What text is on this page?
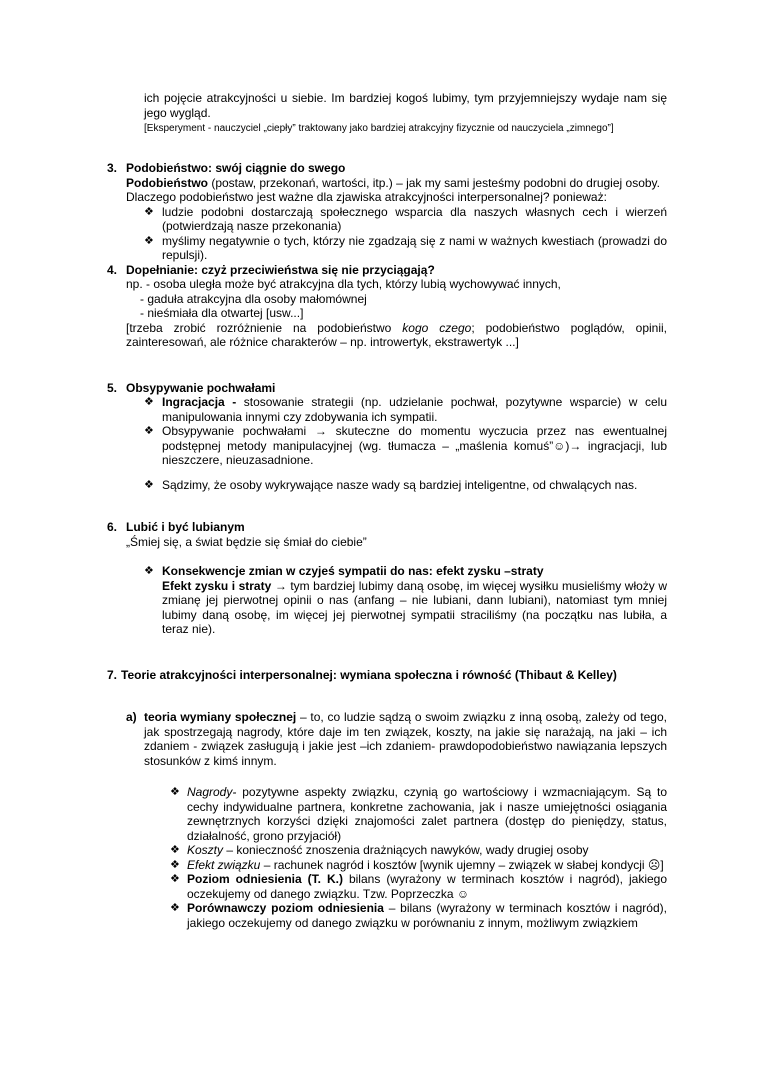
ich pojęcie atrakcyjności u siebie. Im bardziej kogoś lubimy, tym przyjemniejszy wydaje nam się jego wygląd.

[Eksperyment - nauczyciel „ciepły” traktowany jako bardziej atrakcyjny fizycznie od nauczyciela „zimnego”]

3. Podobieństwo: swój ciągnie do swego

Podobieństwo (postaw, przekonań, wartości, itp.) – jak my sami jesteśmy podobni do drugiej osoby.

Dlaczego podobieństwo jest ważne dla zjawiska atrakcyjności interpersonalnej? ponieważ:

❖ ludzie podobni dostarczają społecznego wsparcia dla naszych własnych cech i wierzeń (potwierdzają nasze przekonania)
❖ myślimy negatywnie o tych, którzy nie zgadzają się z nami w ważnych kwestiach (prowadzi do repulsji).
4. Dopełnianie: czyż przeciwieństwa się nie przyciągają?

np. - osoba uległa może być atrakcyjna dla tych, którzy lubią wychowywać innych,

- gaduła atrakcyjna dla osoby małomównej

- nieśmiała dla otwartej [usw...]

[trzeba zrobić rozróżnienie na podobieństwo kogo czego; podobieństwo poglądów, opinii, zainteresowań, ale różnice charakterów – np. introwertyk, ekstrawertyk ...]

5. Obsypywanie pochwałami
❖ Ingracjacja - stosowanie strategii (np. udzielanie pochwał, pozytywne wsparcie) w celu manipulowania innymi czy zdobywania ich sympatii.
❖ Obsypywanie pochwałami → skuteczne do momentu wyczucia przez nas ewentualnej podstępnej metody manipulacyjnej (wg. tłumacza – „maślenia komuś”☺)→ ingracjacji, lub nieszczere, nieuzasadnione.
❖ Sądzimy, że osoby wykrywające nasze wady są bardziej inteligentne, od chwalących nas.
6. Lubić i być lubianym

„Śmiej się, a świat będzie się śmiał do ciebie”

❖ Konsekwencje zmian w czyjeś sympatii do nas: efekt zysku –straty

Efekt zysku i straty → tym bardziej lubimy daną osobę, im więcej wysiłku musieliśmy włoży w zmianę jej pierwotnej opinii o nas (anfang – nie lubiani, dann lubiani), natomiast tym mniej lubimy daną osobę, im więcej jej pierwotnej sympatii straciliśmy (na początku nas lubiła, a teraz nie).

7. Teorie atrakcyjności interpersonalnej: wymiana społeczna i równość (Thibaut & Kelley)
a) teoria wymiany społecznej – to, co ludzie sądzą o swoim związku z inną osobą, zależy od tego, jak spostrzegają nagrody, które daje im ten związek, koszty, na jakie się narażają, na jaki – ich zdaniem - związek zasługują i jakie jest –ich zdaniem- prawdopodobieństwo nawiązania lepszych stosunków z kimś innym.
❖ Nagrody- pozytywne aspekty związku, czynią go wartościowy i wzmacniającym. Są to cechy indywidualne partnera, konkretne zachowania, jak i nasze umiejętności osiągania zewnętrznych korzyści dzięki znajomości zalet partnera (dostęp do pieniędzy, status, działalność, grono przyjaciół)
❖ Koszty – konieczność znoszenia drażniących nawyków, wady drugiej osoby
❖ Efekt związku – rachunek nagród i kosztów [wynik ujemny – związek w słabej kondycji ☹]
❖ Poziom odniesienia (T. K.) bilans (wyrażony w terminach kosztów i nagród), jakiego oczekujemy od danego związku. Tzw. Poprzeczka ☺
❖ Porównawczy poziom odniesienia – bilans (wyrażony w terminach kosztów i nagród), jakiego oczekujemy od danego związku w porównaniu z innym, możliwym związkiem
